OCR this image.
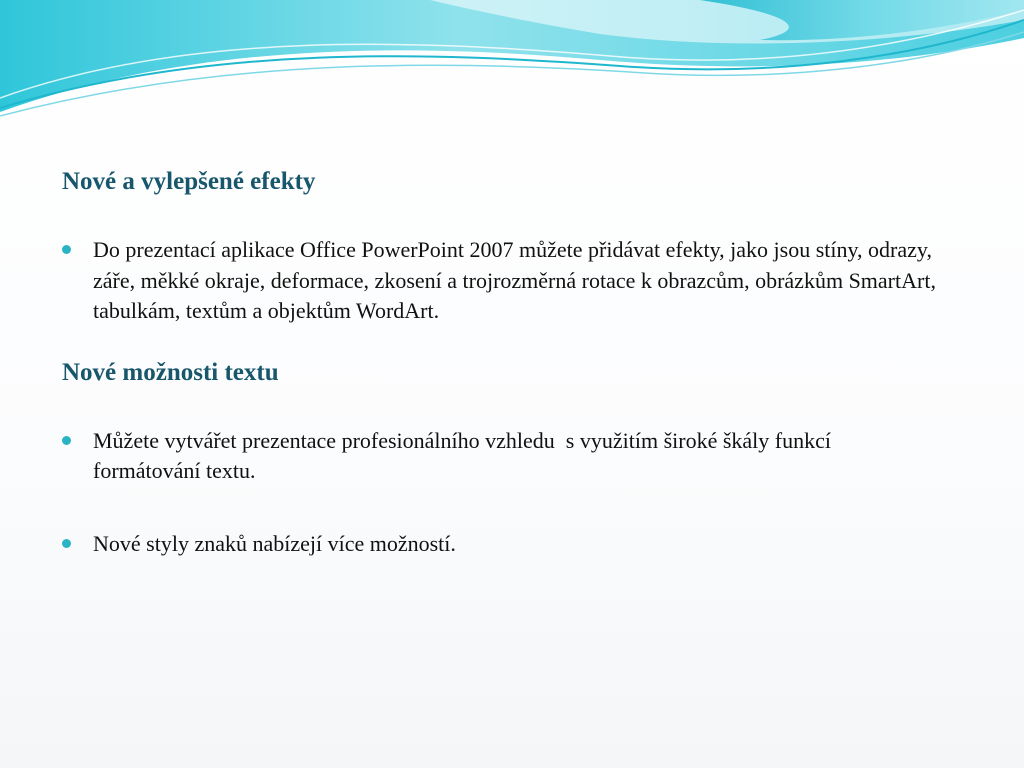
Nové a vylepšené efekty
Do prezentací aplikace Office PowerPoint 2007 můžete přidávat efekty, jako jsou stíny, odrazy, záře, měkké okraje, deformace, zkosení a trojrozměrná rotace k obrazcům, obrázkům SmartArt, tabulkám, textům a objektům WordArt.
Nové možnosti textu
Můžete vytvářet prezentace profesionálního vzhledu  s využitím široké škály funkcí formátování textu.
Nové styly znaků nabízejí více možností.
